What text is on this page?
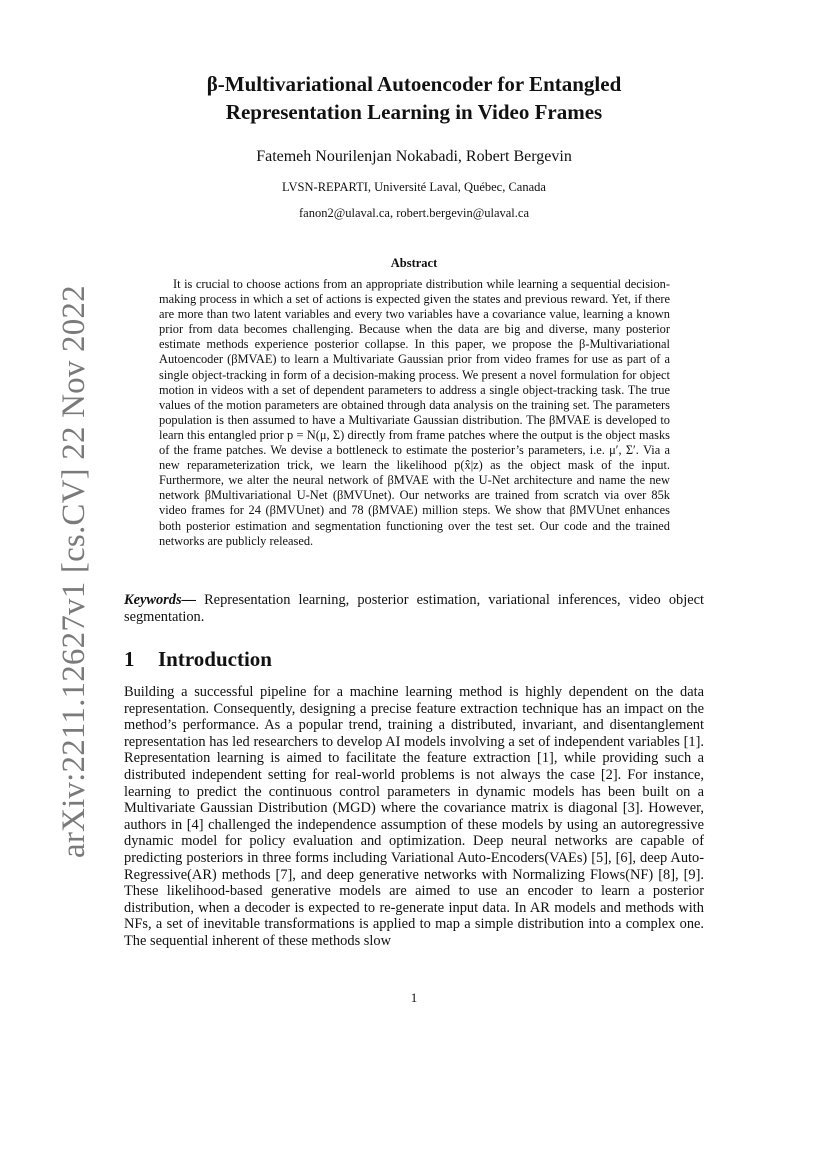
arXiv:2211.12627v1 [cs.CV] 22 Nov 2022
β-Multivariational Autoencoder for Entangled
Representation Learning in Video Frames
Fatemeh Nourilenjan Nokabadi, Robert Bergevin
LVSN-REPARTI, Université Laval, Québec, Canada
fanon2@ulaval.ca, robert.bergevin@ulaval.ca
Abstract

It is crucial to choose actions from an appropriate distribution while learning a sequential decision-making process in which a set of actions is expected given the states and previous reward. Yet, if there are more than two latent variables and every two variables have a covariance value, learning a known prior from data becomes challenging. Because when the data are big and diverse, many posterior estimate methods experience posterior collapse. In this paper, we propose the β-Multivariational Autoencoder (βMVAE) to learn a Multivariate Gaussian prior from video frames for use as part of a single object-tracking in form of a decision-making process. We present a novel formulation for object motion in videos with a set of dependent parameters to address a single object-tracking task. The true values of the motion parameters are obtained through data analysis on the training set. The parameters population is then assumed to have a Multivariate Gaussian distribution. The βMVAE is developed to learn this entangled prior p = N(μ, Σ) directly from frame patches where the output is the object masks of the frame patches. We devise a bottleneck to estimate the posterior’s parameters, i.e. μ′, Σ′. Via a new reparameterization trick, we learn the likelihood p(x̂|z) as the object mask of the input. Furthermore, we alter the neural network of βMVAE with the U-Net architecture and name the new network βMultivariational U-Net (βMVUnet). Our networks are trained from scratch via over 85k video frames for 24 (βMVUnet) and 78 (βMVAE) million steps. We show that βMVUnet enhances both posterior estimation and segmentation functioning over the test set. Our code and the trained networks are publicly released.

Keywords— Representation learning, posterior estimation, variational inferences, video object segmentation.

1 Introduction

Building a successful pipeline for a machine learning method is highly dependent on the data representation. Consequently, designing a precise feature extraction technique has an impact on the method’s performance. As a popular trend, training a distributed, invariant, and disentanglement representation has led researchers to develop AI models involving a set of independent variables [1]. Representation learning is aimed to facilitate the feature extraction [1], while providing such a distributed independent setting for real-world problems is not always the case [2]. For instance, learning to predict the continuous control parameters in dynamic models has been built on a Multivariate Gaussian Distribution (MGD) where the covariance matrix is diagonal [3]. However, authors in [4] challenged the independence assumption of these models by using an autoregressive dynamic model for policy evaluation and optimization. Deep neural networks are capable of predicting posteriors in three forms including Variational Auto-Encoders(VAEs) [5], [6], deep Auto-Regressive(AR) methods [7], and deep generative networks with Normalizing Flows(NF) [8], [9]. These likelihood-based generative models are aimed to use an encoder to learn a posterior distribution, when a decoder is expected to re-generate input data. In AR models and methods with NFs, a set of inevitable transformations is applied to map a simple distribution into a complex one. The sequential inherent of these methods slow

1
